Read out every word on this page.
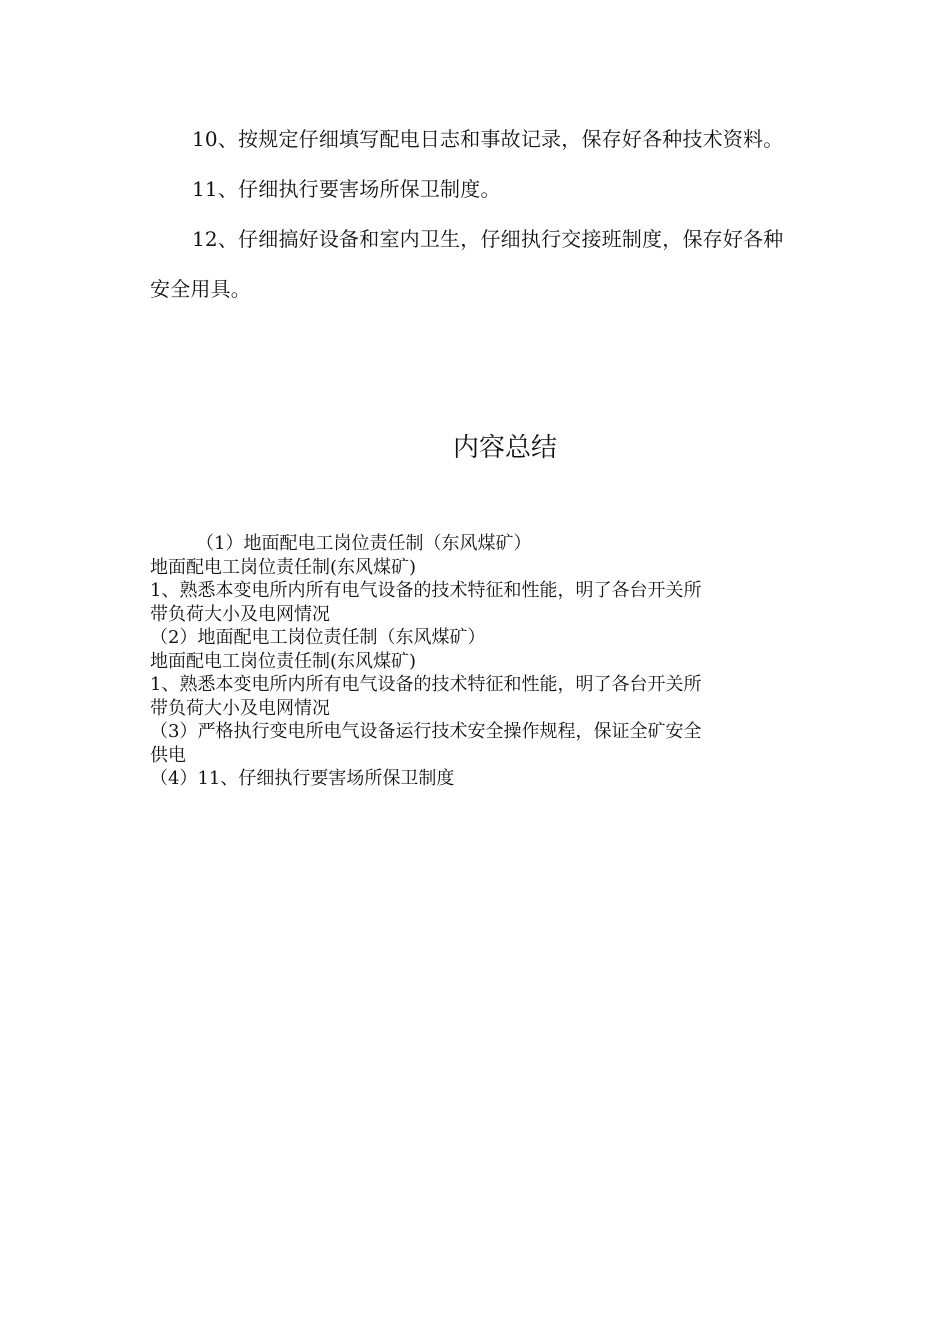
10、按规定仔细填写配电日志和事故记录，保存好各种技术资料。

11、仔细执行要害场所保卫制度。

12、仔细搞好设备和室内卫生，仔细执行交接班制度，保存好各种安全用具。

内容总结

（1）地面配电工岗位责任制（东风煤矿）

地面配电工岗位责任制(东风煤矿)

1、熟悉本变电所内所有电气设备的技术特征和性能，明了各台开关所

带负荷大小及电网情况

（2）地面配电工岗位责任制（东风煤矿）

地面配电工岗位责任制(东风煤矿)

1、熟悉本变电所内所有电气设备的技术特征和性能，明了各台开关所

带负荷大小及电网情况

（3）严格执行变电所电气设备运行技术安全操作规程，保证全矿安全

供电

（4）11、仔细执行要害场所保卫制度
